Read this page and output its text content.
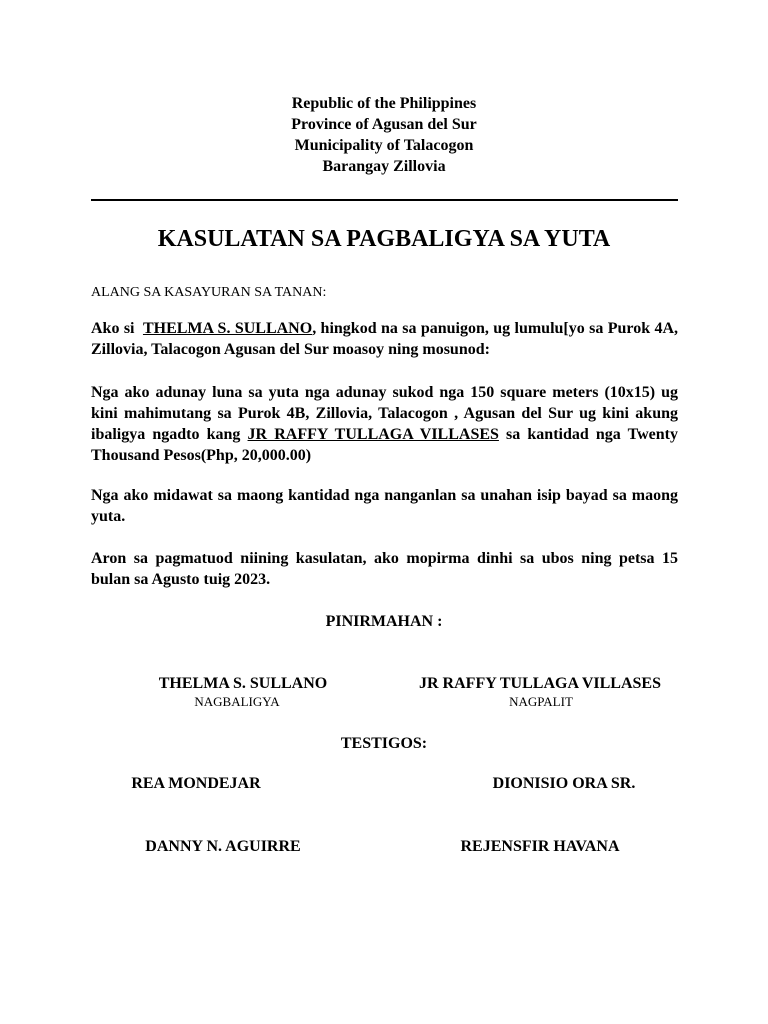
Republic of the Philippines
Province of Agusan del Sur
Municipality of Talacogon
Barangay Zillovia
KASULATAN SA PAGBALIGYA SA YUTA
ALANG SA KASAYURAN SA TANAN:
Ako si  THELMA S. SULLANO, hingkod na sa panuigon, ug lumulu[yo sa Purok 4A, Zillovia, Talacogon Agusan del Sur moasoy ning mosunod:
Nga ako adunay luna sa yuta nga adunay sukod nga 150 square meters (10x15) ug kini mahimutang sa Purok 4B, Zillovia, Talacogon , Agusan del Sur ug kini akung ibaligya ngadto kang JR RAFFY TULLAGA VILLASES sa kantidad nga Twenty Thousand Pesos(Php, 20,000.00)
Nga ako midawat sa maong kantidad nga nanganlan sa unahan isip bayad sa maong yuta.
Aron sa pagmatuod niining kasulatan, ako mopirma dinhi sa ubos ning petsa 15 bulan sa Agusto tuig 2023.
PINIRMAHAN :
THELMA S. SULLANO
NAGBALIGYA
JR RAFFY TULLAGA VILLASES
NAGPALIT
TESTIGOS:
REA MONDEJAR	DIONISIO ORA SR.
DANNY N. AGUIRRE	REJENSFIR HAVANA
